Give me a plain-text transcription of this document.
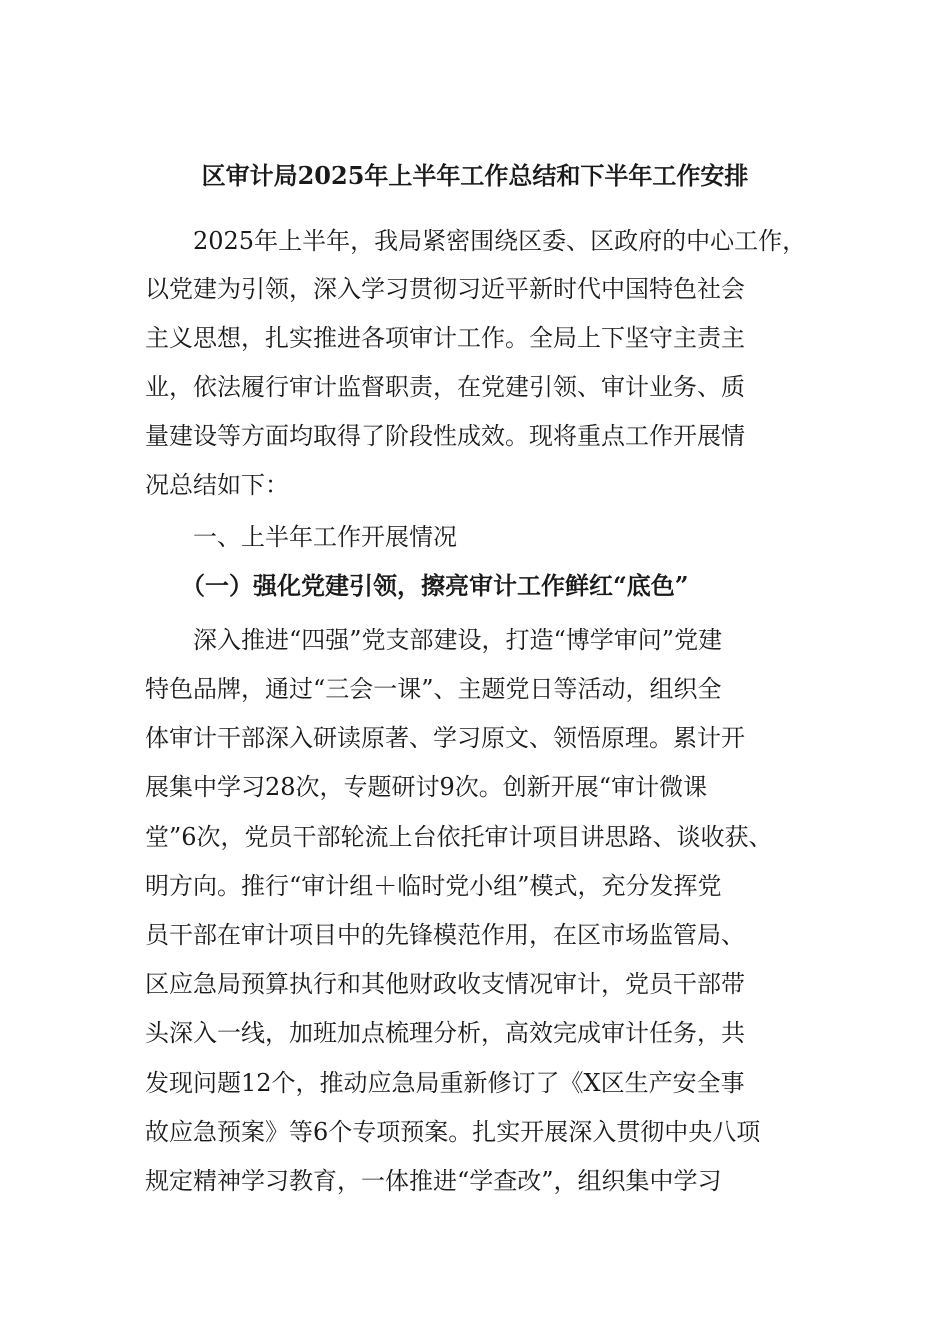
区审计局2025年上半年工作总结和下半年工作安排

　　2025年上半年，我局紧密围绕区委、区政府的中心工作，

以党建为引领，深入学习贯彻习近平新时代中国特色社会

主义思想，扎实推进各项审计工作。全局上下坚守主责主

业，依法履行审计监督职责，在党建引领、审计业务、质

量建设等方面均取得了阶段性成效。现将重点工作开展情

况总结如下：

　　一、上半年工作开展情况

　　（一）强化党建引领，擦亮审计工作鲜红“底色”

　　深入推进“四强”党支部建设，打造“博学审问”党建

特色品牌，通过“三会一课”、主题党日等活动，组织全

体审计干部深入研读原著、学习原文、领悟原理。累计开

展集中学习28次，专题研讨9次。创新开展“审计微课

堂”6次，党员干部轮流上台依托审计项目讲思路、谈收获、

明方向。推行“审计组＋临时党小组”模式，充分发挥党

员干部在审计项目中的先锋模范作用，在区市场监管局、

区应急局预算执行和其他财政收支情况审计，党员干部带

头深入一线，加班加点梳理分析，高效完成审计任务，共

发现问题12个，推动应急局重新修订了《X区生产安全事

故应急预案》等6个专项预案。扎实开展深入贯彻中央八项

规定精神学习教育，一体推进“学查改”，组织集中学习
